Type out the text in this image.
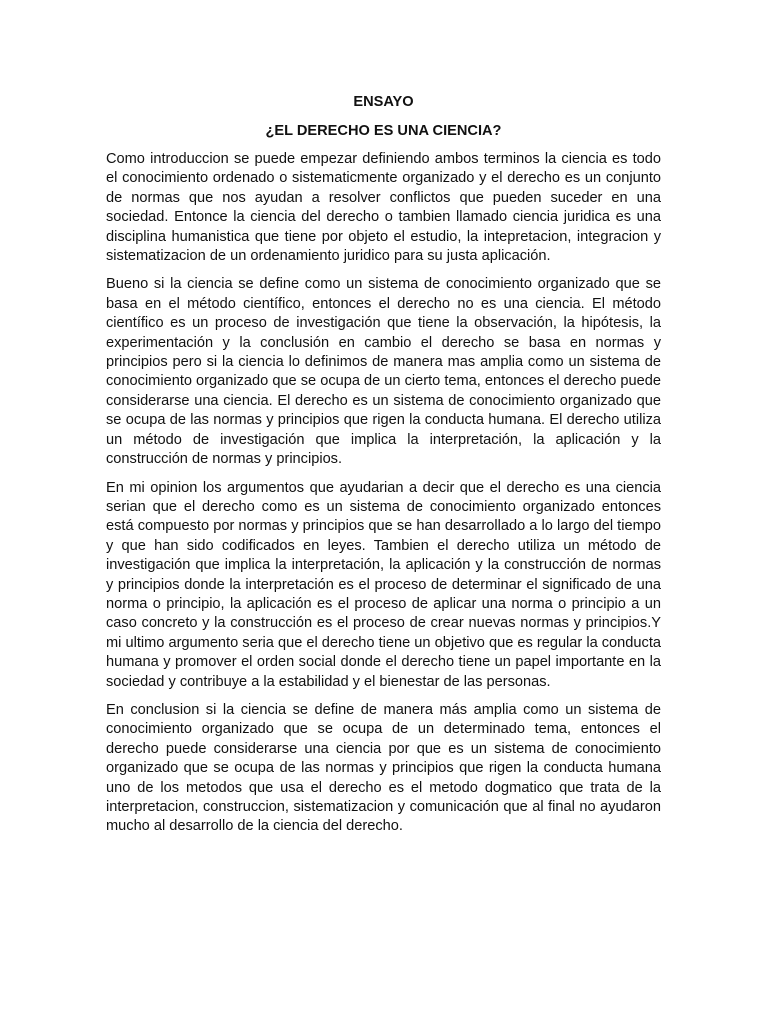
ENSAYO
¿EL DERECHO ES UNA CIENCIA?

Como introduccion se puede empezar definiendo ambos terminos la ciencia es todo el conocimiento ordenado o sistematicmente organizado y el derecho es un conjunto de normas que nos ayudan a resolver conflictos que pueden suceder en una sociedad. Entonce la ciencia del derecho o tambien llamado ciencia juridica es una disciplina humanistica que tiene por objeto el estudio, la intepretacion, integracion y sistematizacion de un ordenamiento juridico para su justa aplicación.

Bueno si la ciencia se define como un sistema de conocimiento organizado que se basa en el método científico, entonces el derecho no es una ciencia. El método científico es un proceso de investigación que tiene la observación, la hipótesis, la experimentación y la conclusión en cambio el derecho se basa en normas y principios pero si la ciencia lo definimos de manera mas amplia como un sistema de conocimiento organizado que se ocupa de un cierto tema, entonces el derecho puede considerarse una ciencia. El derecho es un sistema de conocimiento organizado que se ocupa de las normas y principios que rigen la conducta humana. El derecho utiliza un método de investigación que implica la interpretación, la aplicación y la construcción de normas y principios.

En mi opinion los argumentos que ayudarian a decir que el derecho es una ciencia serian que el derecho como es un sistema de conocimiento organizado entonces está compuesto por normas y principios que se han desarrollado a lo largo del tiempo y que han sido codificados en leyes. Tambien el derecho utiliza un método de investigación que implica la interpretación, la aplicación y la construcción de normas y principios donde la interpretación es el proceso de determinar el significado de una norma o principio, la aplicación es el proceso de aplicar una norma o principio a un caso concreto y la construcción es el proceso de crear nuevas normas y principios.Y mi ultimo argumento seria que el derecho tiene un objetivo que es regular la conducta humana y promover el orden social donde el derecho tiene un papel importante en la sociedad y contribuye a la estabilidad y el bienestar de las personas.

En conclusion si la ciencia se define de manera más amplia como un sistema de conocimiento organizado que se ocupa de un determinado tema, entonces el derecho puede considerarse una ciencia por que es un sistema de conocimiento organizado que se ocupa de las normas y principios que rigen la conducta humana uno de los metodos que usa el derecho es el metodo dogmatico que trata de la interpretacion, construccion, sistematizacion y comunicación que al final no ayudaron mucho al desarrollo de la ciencia del derecho.
